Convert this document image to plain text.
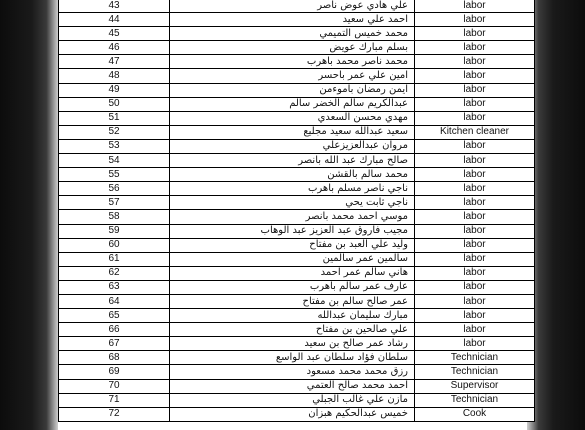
43	علي هادي عوض ناصر	labor
44	احمد علي سعيد	labor
45	محمد خميس التميمي	labor
46	بسلم مبارك عويض	labor
47	محمد ناصر محمد باهرب	labor
48	امين علي عمر باحسر	labor
49	ايمن رمضان باموءمن	labor
50	عبدالكريم سالم الخضر سالم	labor
51	مهدي محسن السعدي	labor
52	سعيد عبدالله سعيد مجليع	Kitchen cleaner
53	مروان عبدالعزيزعلي	labor
54	صالح مبارك عبد الله بانصر	labor
55	محمد سالم بالقشن	labor
56	ناجي ناصر مسلم باهرب	labor
57	ناجي ثابت يحي	labor
58	موسي احمد محمد بانصر	labor
59	مجيب فاروق عبد العزيز عبد الوهاب	labor
60	وليد علي العبد بن مفتاح	labor
61	سالمين عمر سالمين	labor
62	هاني سالم عمر احمد	labor
63	عارف عمر سالم باهرب	labor
64	عمر صالح سالم بن مفتاح	labor
65	مبارك سليمان عبدالله	labor
66	علي صالحين بن مفتاح	labor
67	رشاد عمر صالح بن سعيد	labor
68	سلطان فؤاد سلطان عبد الواسع	Technician
69	رزق محمد محمد مسعود	Technician
70	احمد محمد صالح العتمي	Supervisor
71	مازن علي غالب الجبلي	Technician
72	خميس عبدالحكيم هبزان	Cook
